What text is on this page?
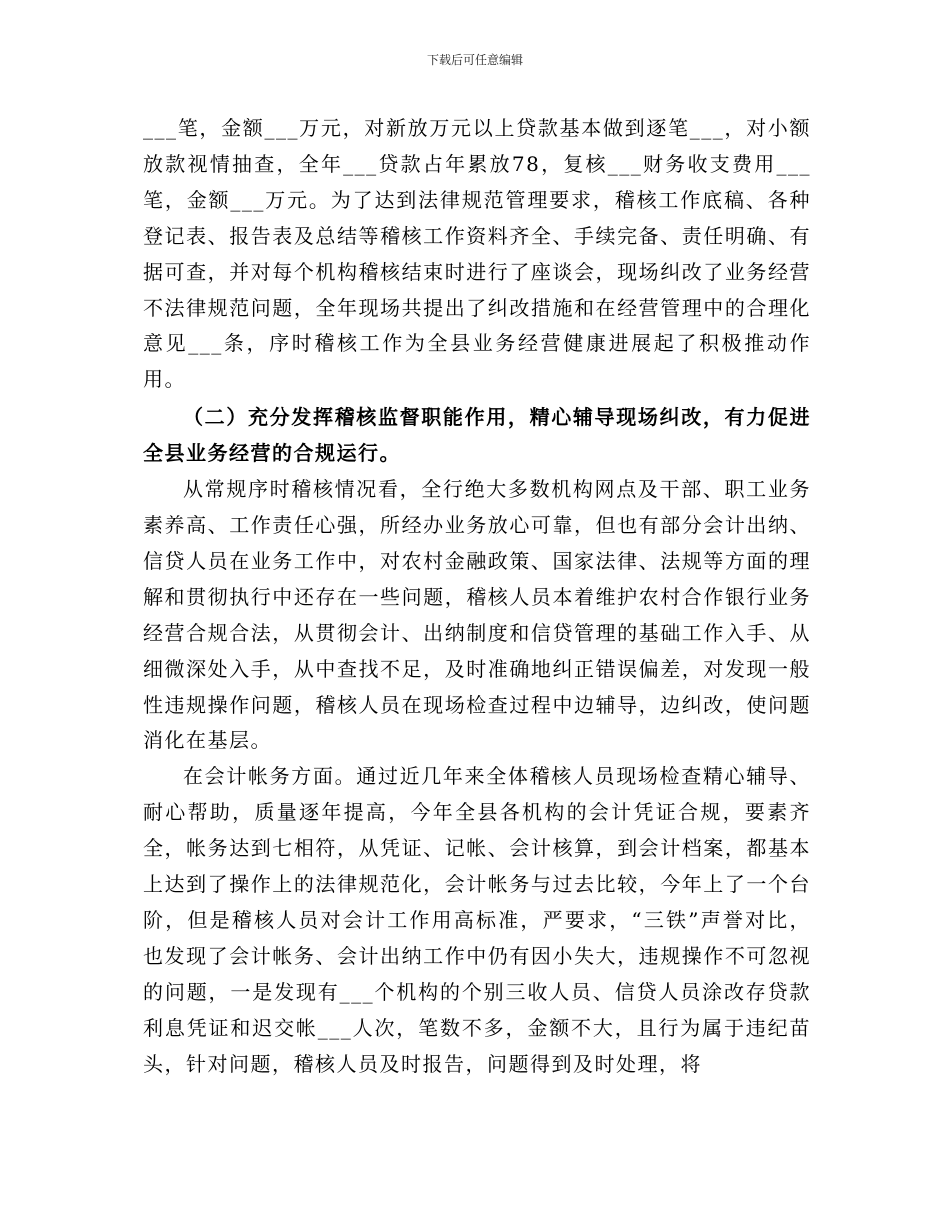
下载后可任意编辑

___笔，金额___万元，对新放万元以上贷款基本做到逐笔___，对小额放款视情抽查，全年___贷款占年累放78，复核___财务收支费用___笔，金额___万元。为了达到法律规范管理要求，稽核工作底稿、各种登记表、报告表及总结等稽核工作资料齐全、手续完备、责任明确、有据可查，并对每个机构稽核结束时进行了座谈会，现场纠改了业务经营不法律规范问题，全年现场共提出了纠改措施和在经营管理中的合理化意见___条，序时稽核工作为全县业务经营健康进展起了积极推动作用。

（二）充分发挥稽核监督职能作用，精心辅导现场纠改，有力促进全县业务经营的合规运行。

从常规序时稽核情况看，全行绝大多数机构网点及干部、职工业务素养高、工作责任心强，所经办业务放心可靠，但也有部分会计出纳、信贷人员在业务工作中，对农村金融政策、国家法律、法规等方面的理解和贯彻执行中还存在一些问题，稽核人员本着维护农村合作银行业务经营合规合法，从贯彻会计、出纳制度和信贷管理的基础工作入手、从细微深处入手，从中查找不足，及时准确地纠正错误偏差，对发现一般性违规操作问题，稽核人员在现场检查过程中边辅导，边纠改，使问题消化在基层。

在会计帐务方面。通过近几年来全体稽核人员现场检查精心辅导、耐心帮助，质量逐年提高，今年全县各机构的会计凭证合规，要素齐全，帐务达到七相符，从凭证、记帐、会计核算，到会计档案，都基本上达到了操作上的法律规范化，会计帐务与过去比较，今年上了一个台阶，但是稽核人员对会计工作用高标准，严要求，“三铁”声誉对比，也发现了会计帐务、会计出纳工作中仍有因小失大，违规操作不可忽视的问题，一是发现有___个机构的个别三收人员、信贷人员涂改存贷款利息凭证和迟交帐___人次，笔数不多，金额不大，且行为属于违纪苗头，针对问题，稽核人员及时报告，问题得到及时处理，将
